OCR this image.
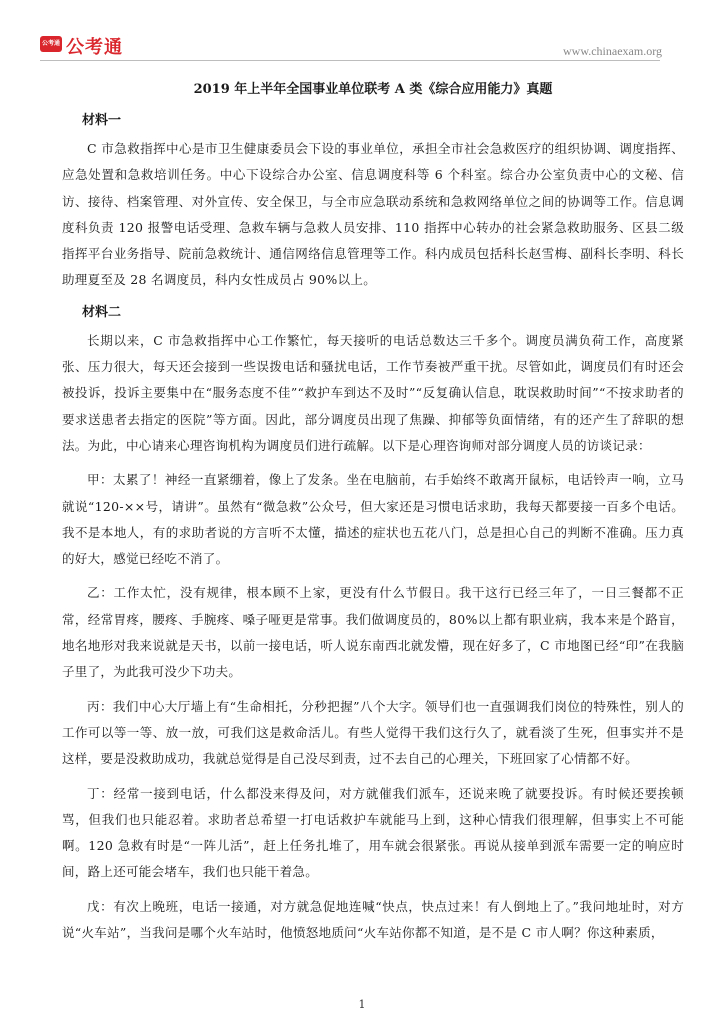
公考通 公考通	www.chinaexam.org
2019 年上半年全国事业单位联考 A 类《综合应用能力》真题
材料一

C 市急救指挥中心是市卫生健康委员会下设的事业单位，承担全市社会急救医疗的组织协调、调度指挥、应急处置和急救培训任务。中心下设综合办公室、信息调度科等 6 个科室。综合办公室负责中心的文秘、信访、接待、档案管理、对外宣传、安全保卫，与全市应急联动系统和急救网络单位之间的协调等工作。信息调度科负责 120 报警电话受理、急救车辆与急救人员安排、110 指挥中心转办的社会紧急救助服务、区县二级指挥平台业务指导、院前急救统计、通信网络信息管理等工作。科内成员包括科长赵雪梅、副科长李明、科长助理夏至及 28 名调度员，科内女性成员占 90%以上。

材料二

长期以来，C 市急救指挥中心工作繁忙，每天接听的电话总数达三千多个。调度员满负荷工作，高度紧张、压力很大，每天还会接到一些误拨电话和骚扰电话，工作节奏被严重干扰。尽管如此，调度员们有时还会被投诉，投诉主要集中在“服务态度不佳”“救护车到达不及时”“反复确认信息，耽误救助时间”“不按求助者的要求送患者去指定的医院”等方面。因此，部分调度员出现了焦躁、抑郁等负面情绪，有的还产生了辞职的想法。为此，中心请来心理咨询机构为调度员们进行疏解。以下是心理咨询师对部分调度人员的访谈记录：

甲：太累了！神经一直紧绷着，像上了发条。坐在电脑前，右手始终不敢离开鼠标，电话铃声一响，立马就说“120-××号，请讲”。虽然有“微急救”公众号，但大家还是习惯电话求助，我每天都要接一百多个电话。我不是本地人，有的求助者说的方言听不太懂，描述的症状也五花八门，总是担心自己的判断不准确。压力真的好大，感觉已经吃不消了。

乙：工作太忙，没有规律，根本顾不上家，更没有什么节假日。我干这行已经三年了，一日三餐都不正常，经常胃疼，腰疼、手腕疼、嗓子哑更是常事。我们做调度员的，80%以上都有职业病，我本来是个路盲，地名地形对我来说就是天书，以前一接电话，听人说东南西北就发懵，现在好多了，C 市地图已经“印”在我脑子里了，为此我可没少下功夫。

丙：我们中心大厅墙上有“生命相托，分秒把握”八个大字。领导们也一直强调我们岗位的特殊性，别人的工作可以等一等、放一放，可我们这是救命活儿。有些人觉得干我们这行久了，就看淡了生死，但事实并不是这样，要是没救助成功，我就总觉得是自己没尽到责，过不去自己的心理关，下班回家了心情都不好。

丁：经常一接到电话，什么都没来得及问，对方就催我们派车，还说来晚了就要投诉。有时候还要挨顿骂，但我们也只能忍着。求助者总希望一打电话救护车就能马上到，这种心情我们很理解，但事实上不可能啊。120 急救有时是“一阵儿活”，赶上任务扎堆了，用车就会很紧张。再说从接单到派车需要一定的响应时间，路上还可能会堵车，我们也只能干着急。

戊：有次上晚班，电话一接通，对方就急促地连喊“快点，快点过来！有人倒地上了。”我问地址时，对方说“火车站”，当我问是哪个火车站时，他愤怒地质问“火车站你都不知道，是不是 C 市人啊？你这种素质，

1
